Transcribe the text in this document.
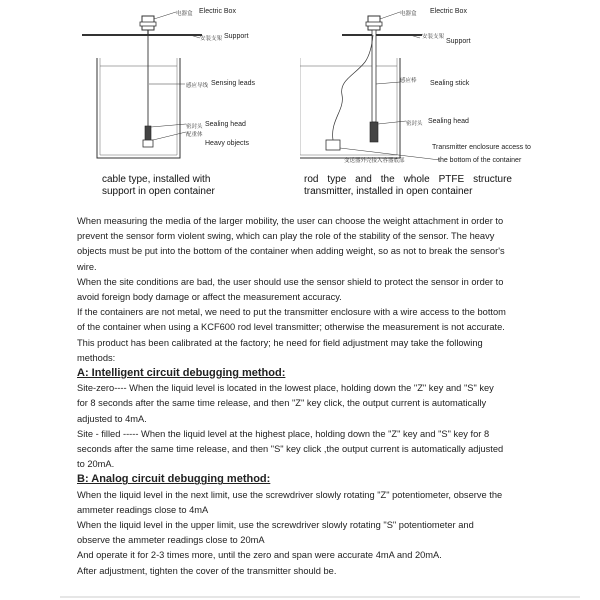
电器盒 Electric Box
安装支架 Support
感应导线 Sensing leads
密封头 Sealing head
配重体
Heavy objects
cable type, installed with
support in open container
电器盒 Electric Box
安装支架
Support
感应棒 Sealing stick
密封头 Sealing head
Transmitter enclosure access to
变送器外壳接入容器底部	the bottom of the container
rod type and the whole PTFE structure
transmitter, installed in open container

When measuring the media of the larger mobility, the user can choose the weight attachment in order to prevent the sensor form violent swing, which can play the role of the stability of the sensor. The heavy objects must be put into the bottom of the container when adding weight, so as not to break the sensor's wire.

When the site conditions are bad, the user should use the sensor shield to protect the sensor in order to avoid foreign body damage or affect the measurement accuracy.

If the containers are not metal, we need to put the transmitter enclosure with a wire access to the bottom of the container when using a KCF600 rod level transmitter; otherwise the measurement is not accurate.

This product has been calibrated at the factory; he need for field adjustment may take the following methods:

A: Intelligent circuit debugging method:

Site-zero---- When the liquid level is located in the lowest place, holding down the "Z" key and "S" key for 8 seconds after the same time release, and then "Z" key click, the output current is automatically adjusted to 4mA.

Site - filled ----- When the liquid level at the highest place, holding down the "Z" key and "S" key for 8 seconds after the same time release, and then "S" key click ,the output current is automatically adjusted to 20mA.

B: Analog circuit debugging method:

When the liquid level in the next limit, use the screwdriver slowly rotating "Z" potentiometer, observe the ammeter readings close to 4mA

When the liquid level in the upper limit, use the screwdriver slowly rotating "S" potentiometer and observe the ammeter readings close to 20mA

And operate it for 2-3 times more, until the zero and span were accurate 4mA and 20mA.

After adjustment, tighten the cover of the transmitter should be.
